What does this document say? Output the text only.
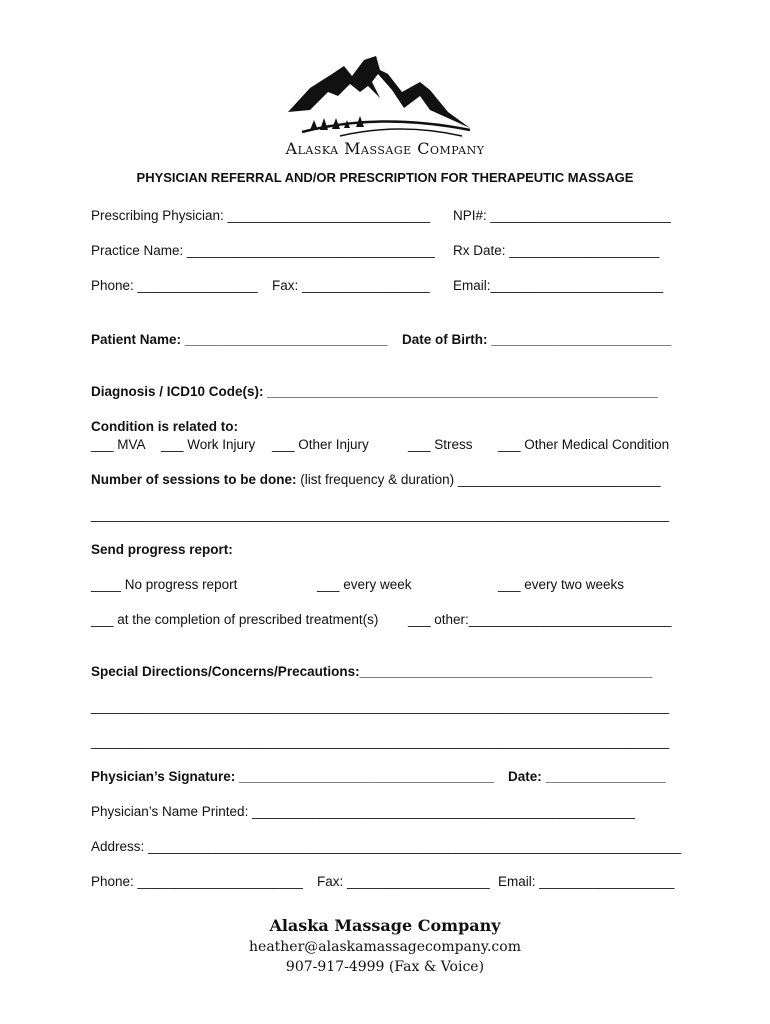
Alaska Massage Company
PHYSICIAN REFERRAL AND/OR PRESCRIPTION FOR THERAPEUTIC MASSAGE
Prescribing Physician: ___________________________ NPI#: ________________________
Practice Name: _________________________________ Rx Date: ____________________
Phone: ________________ Fax: _________________ Email:_______________________
Patient Name: ___________________________ Date of Birth: ________________________
Diagnosis / ICD10 Code(s): ____________________________________________________
Condition is related to:
___ MVA ___ Work Injury ___ Other Injury	___ Stress ___ Other Medical Condition
Number of sessions to be done: (list frequency & duration) ___________________________
_____________________________________________________________________________
Send progress report:
____ No progress report	___ every week	___ every two weeks
___ at the completion of prescribed treatment(s) ___ other:___________________________
Special Directions/Concerns/Precautions:_______________________________________
_____________________________________________________________________________
_____________________________________________________________________________
Physician’s Signature: __________________________________ Date: ________________
Physician’s Name Printed: ___________________________________________________
Address: _______________________________________________________________________
Phone: ______________________ Fax: ___________________ Email: __________________
Alaska Massage Company
heather@alaskamassagecompany.com
907-917-4999 (Fax & Voice)
